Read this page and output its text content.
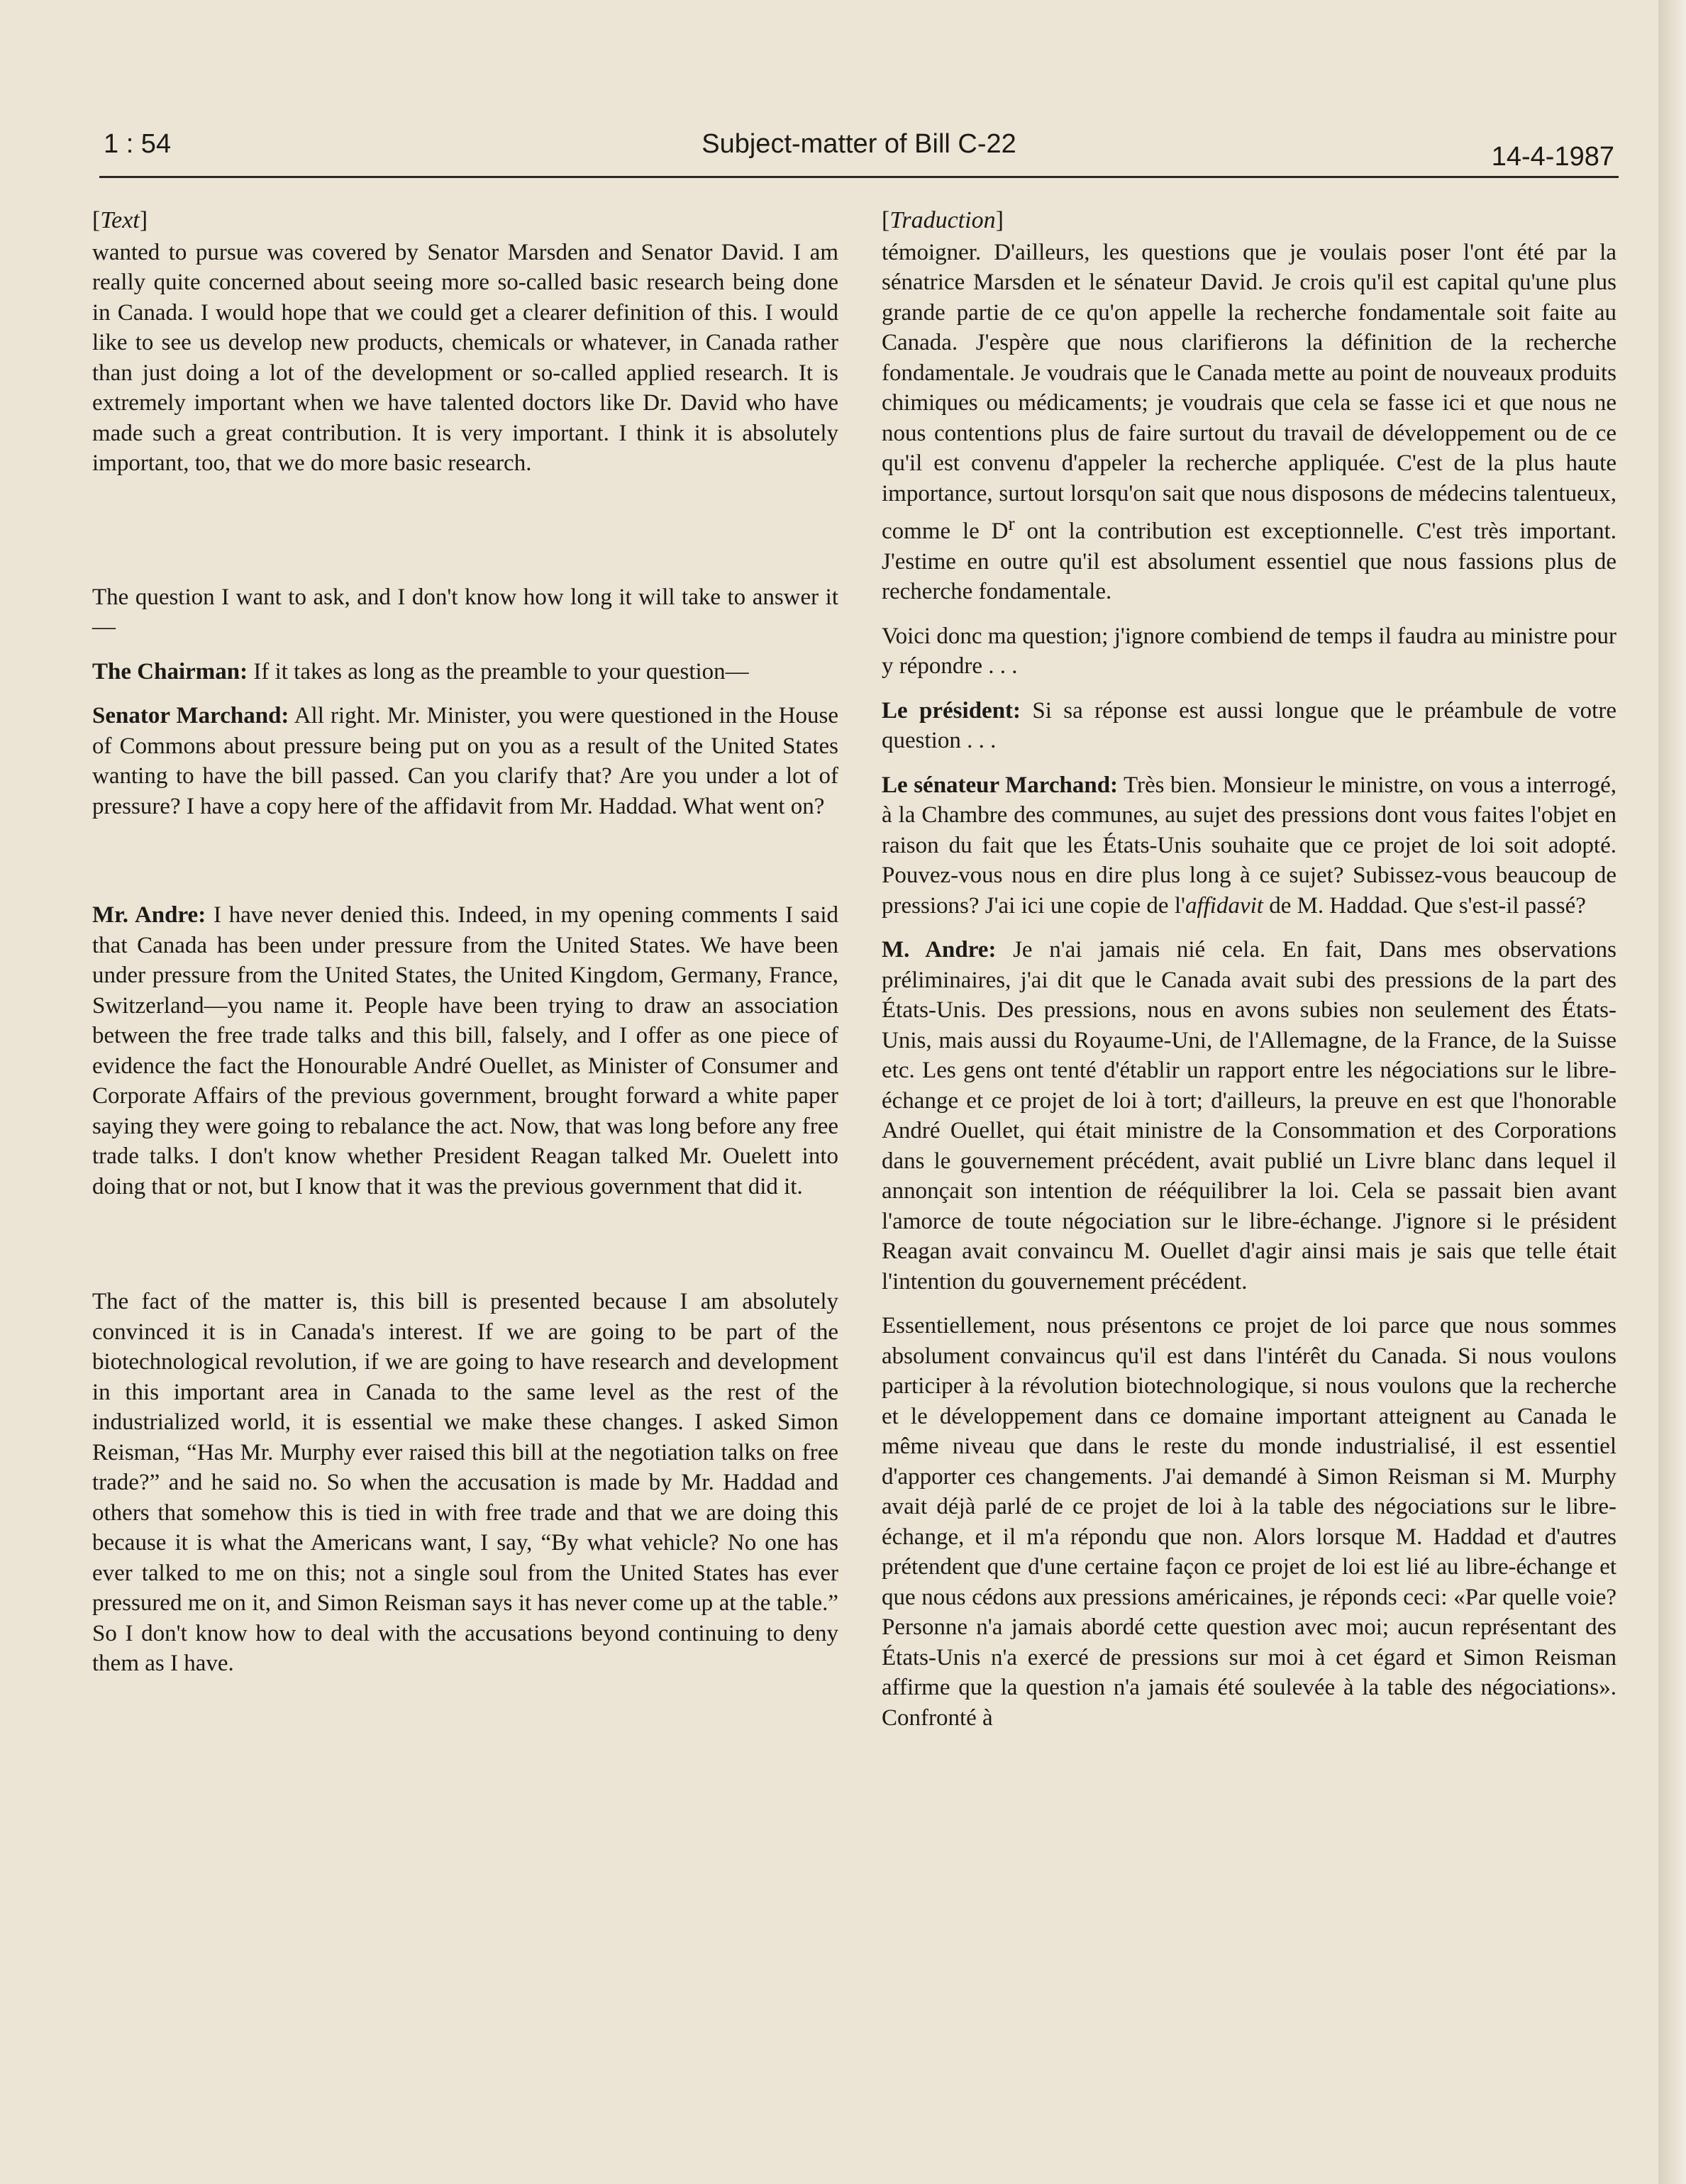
1 : 54	Subject-matter of Bill C-22	14-4-1987
[Text]

wanted to pursue was covered by Senator Marsden and Senator David. I am really quite concerned about seeing more so-called basic research being done in Canada. I would hope that we could get a clearer definition of this. I would like to see us develop new products, chemicals or whatever, in Canada rather than just doing a lot of the development or so-called applied research. It is extremely important when we have talented doctors like Dr. David who have made such a great contribution. It is very important. I think it is absolutely important, too, that we do more basic research.

The question I want to ask, and I don't know how long it will take to answer it—

The Chairman: If it takes as long as the preamble to your question—

Senator Marchand: All right. Mr. Minister, you were questioned in the House of Commons about pressure being put on you as a result of the United States wanting to have the bill passed. Can you clarify that? Are you under a lot of pressure? I have a copy here of the affidavit from Mr. Haddad. What went on?

Mr. Andre: I have never denied this. Indeed, in my opening comments I said that Canada has been under pressure from the United States. We have been under pressure from the United States, the United Kingdom, Germany, France, Switzerland—you name it. People have been trying to draw an association between the free trade talks and this bill, falsely, and I offer as one piece of evidence the fact the Honourable André Ouellet, as Minister of Consumer and Corporate Affairs of the previous government, brought forward a white paper saying they were going to rebalance the act. Now, that was long before any free trade talks. I don't know whether President Reagan talked Mr. Ouelett into doing that or not, but I know that it was the previous government that did it.

The fact of the matter is, this bill is presented because I am absolutely convinced it is in Canada's interest. If we are going to be part of the biotechnological revolution, if we are going to have research and development in this important area in Canada to the same level as the rest of the industrialized world, it is essential we make these changes. I asked Simon Reisman, “Has Mr. Murphy ever raised this bill at the negotiation talks on free trade?” and he said no. So when the accusation is made by Mr. Haddad and others that somehow this is tied in with free trade and that we are doing this because it is what the Americans want, I say, “By what vehicle? No one has ever talked to me on this; not a single soul from the United States has ever pressured me on it, and Simon Reisman says it has never come up at the table.” So I don't know how to deal with the accusations beyond continuing to deny them as I have.

[Traduction]

témoigner. D'ailleurs, les questions que je voulais poser l'ont été par la sénatrice Marsden et le sénateur David. Je crois qu'il est capital qu'une plus grande partie de ce qu'on appelle la recherche fondamentale soit faite au Canada. J'espère que nous clarifierons la définition de la recherche fondamentale. Je voudrais que le Canada mette au point de nouveaux produits chimiques ou médicaments; je voudrais que cela se fasse ici et que nous ne nous contentions plus de faire surtout du travail de développement ou de ce qu'il est convenu d'appeler la recherche appliquée. C'est de la plus haute importance, surtout lorsqu'on sait que nous disposons de médecins talentueux, comme le $D^r$ ont la contribution est exceptionnelle. C'est très important. J'estime en outre qu'il est absolument essentiel que nous fassions plus de recherche fondamentale.

Voici donc ma question; j'ignore combiend de temps il faudra au ministre pour y répondre . . .

Le président: Si sa réponse est aussi longue que le préambule de votre question . . .

Le sénateur Marchand: Très bien. Monsieur le ministre, on vous a interrogé, à la Chambre des communes, au sujet des pressions dont vous faites l'objet en raison du fait que les États-Unis souhaite que ce projet de loi soit adopté. Pouvez-vous nous en dire plus long à ce sujet? Subissez-vous beaucoup de pressions? J'ai ici une copie de l'affidavit de M. Haddad. Que s'est-il passé?

M. Andre: Je n'ai jamais nié cela. En fait, Dans mes observations préliminaires, j'ai dit que le Canada avait subi des pressions de la part des États-Unis. Des pressions, nous en avons subies non seulement des États-Unis, mais aussi du Royaume-Uni, de l'Allemagne, de la France, de la Suisse etc. Les gens ont tenté d'établir un rapport entre les négociations sur le libre-échange et ce projet de loi à tort; d'ailleurs, la preuve en est que l'honorable André Ouellet, qui était ministre de la Consommation et des Corporations dans le gouvernement précédent, avait publié un Livre blanc dans lequel il annonçait son intention de rééquilibrer la loi. Cela se passait bien avant l'amorce de toute négociation sur le libre-échange. J'ignore si le président Reagan avait convaincu M. Ouellet d'agir ainsi mais je sais que telle était l'intention du gouvernement précédent.

Essentiellement, nous présentons ce projet de loi parce que nous sommes absolument convaincus qu'il est dans l'intérêt du Canada. Si nous voulons participer à la révolution biotechnologique, si nous voulons que la recherche et le développement dans ce domaine important atteignent au Canada le même niveau que dans le reste du monde industrialisé, il est essentiel d'apporter ces changements. J'ai demandé à Simon Reisman si M. Murphy avait déjà parlé de ce projet de loi à la table des négociations sur le libre-échange, et il m'a répondu que non. Alors lorsque M. Haddad et d'autres prétendent que d'une certaine façon ce projet de loi est lié au libre-échange et que nous cédons aux pressions américaines, je réponds ceci: «Par quelle voie? Personne n'a jamais abordé cette question avec moi; aucun représentant des États-Unis n'a exercé de pressions sur moi à cet égard et Simon Reisman affirme que la question n'a jamais été soulevée à la table des négociations». Confronté à
